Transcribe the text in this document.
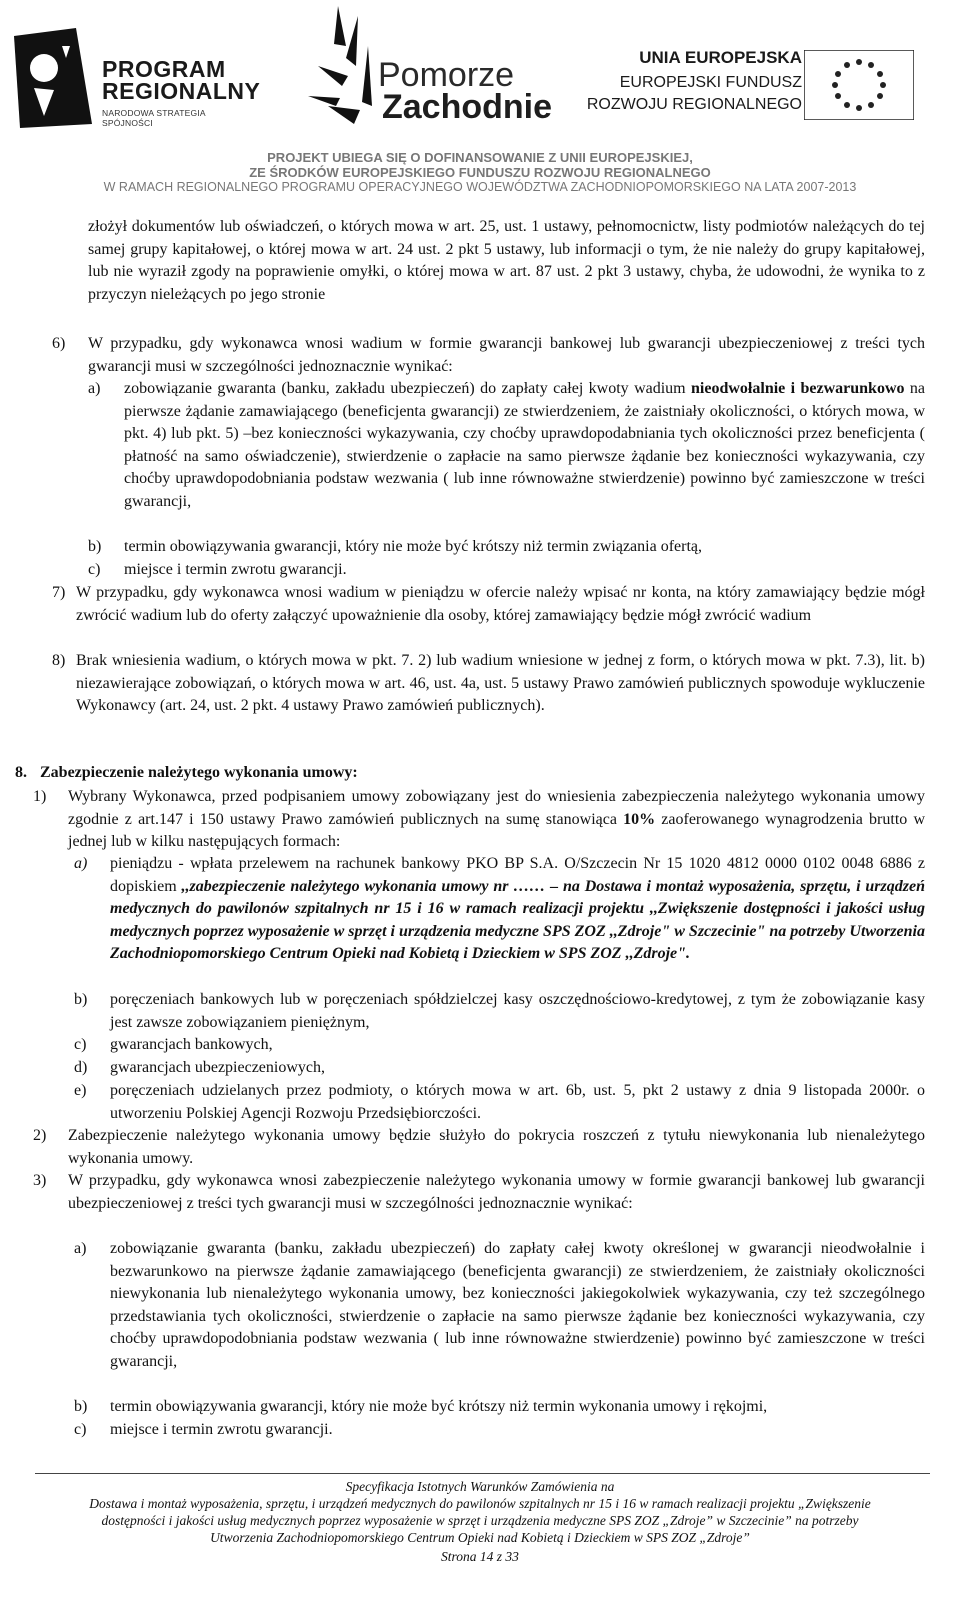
PROGRAM
REGIONALNY
NARODOWA STRATEGIA SPÓJNOŚCI
Pomorze
Zachodnie
UNIA EUROPEJSKA
EUROPEJSKI FUNDUSZ
ROZWOJU REGIONALNEGO
PROJEKT UBIEGA SIĘ O DOFINANSOWANIE Z UNII EUROPEJSKIEJ,
ZE ŚRODKÓW EUROPEJSKIEGO FUNDUSZU ROZWOJU REGIONALNEGO
W RAMACH REGIONALNEGO PROGRAMU OPERACYJNEGO WOJEWÓDZTWA ZACHODNIOPOMORSKIEGO NA LATA 2007-2013
złożył dokumentów lub oświadczeń, o których mowa w art. 25, ust. 1 ustawy, pełnomocnictw, listy podmiotów należących do tej samej grupy kapitałowej, o której mowa w art. 24 ust. 2 pkt 5 ustawy, lub informacji o tym, że nie należy do grupy kapitałowej, lub nie wyraził zgody na poprawienie omyłki, o której mowa w art. 87 ust. 2 pkt 3 ustawy, chyba, że udowodni, że wynika to z przyczyn nieleżących po jego stronie
6) W przypadku, gdy wykonawca wnosi wadium w formie gwarancji bankowej lub gwarancji ubezpieczeniowej z treści tych gwarancji musi w szczególności jednoznacznie wynikać:
a) zobowiązanie gwaranta (banku, zakładu ubezpieczeń) do zapłaty całej kwoty wadium nieodwołalnie i bezwarunkowo na pierwsze żądanie zamawiającego (beneficjenta gwarancji) ze stwierdzeniem, że zaistniały okoliczności, o których mowa, w pkt. 4) lub pkt. 5) –bez konieczności wykazywania, czy choćby uprawdopodabniania tych okoliczności przez beneficjenta ( płatność na samo oświadczenie), stwierdzenie o zapłacie na samo pierwsze żądanie bez konieczności wykazywania, czy choćby uprawdopodobniania podstaw wezwania ( lub inne równoważne stwierdzenie) powinno być zamieszczone w treści gwarancji,
b) termin obowiązywania gwarancji, który nie może być krótszy niż termin związania ofertą,
c) miejsce i termin zwrotu gwarancji.
7) W przypadku, gdy wykonawca wnosi wadium w pieniądzu w ofercie należy wpisać nr konta, na który zamawiający będzie mógł zwrócić wadium lub do oferty załączyć upoważnienie dla osoby, której zamawiający będzie mógł zwrócić wadium
8) Brak wniesienia wadium, o których mowa w pkt. 7. 2) lub wadium wniesione w jednej z form, o których mowa w pkt. 7.3), lit. b) niezawierające zobowiązań, o których mowa w art. 46, ust. 4a, ust. 5 ustawy Prawo zamówień publicznych spowoduje wykluczenie Wykonawcy (art. 24, ust. 2 pkt. 4 ustawy Prawo zamówień publicznych).
8. Zabezpieczenie należytego wykonania umowy:
1) Wybrany Wykonawca, przed podpisaniem umowy zobowiązany jest do wniesienia zabezpieczenia należytego wykonania umowy zgodnie z art.147 i 150 ustawy Prawo zamówień publicznych na sumę stanowiąca 10% zaoferowanego wynagrodzenia brutto w jednej lub w kilku następujących formach:
a) pieniądzu - wpłata przelewem na rachunek bankowy PKO BP S.A. O/Szczecin Nr 15 1020 4812 0000 0102 0048 6886 z dopiskiem ,,zabezpieczenie należytego wykonania umowy nr …… – na Dostawa i montaż wyposażenia, sprzętu, i urządzeń medycznych do pawilonów szpitalnych nr 15 i 16 w ramach realizacji projektu ,,Zwiększenie dostępności i jakości usług medycznych poprzez wyposażenie w sprzęt i urządzenia medyczne SPS ZOZ ,,Zdroje" w Szczecinie" na potrzeby Utworzenia Zachodniopomorskiego Centrum Opieki nad Kobietą i Dzieckiem w SPS ZOZ ,,Zdroje".
b) poręczeniach bankowych lub w poręczeniach spółdzielczej kasy oszczędnościowo-kredytowej, z tym że zobowiązanie kasy jest zawsze zobowiązaniem pieniężnym,
c) gwarancjach bankowych,
d) gwarancjach ubezpieczeniowych,
e) poręczeniach udzielanych przez podmioty, o których mowa w art. 6b, ust. 5, pkt 2 ustawy z dnia 9 listopada 2000r. o utworzeniu Polskiej Agencji Rozwoju Przedsiębiorczości.
2) Zabezpieczenie należytego wykonania umowy będzie służyło do pokrycia roszczeń z tytułu niewykonania lub nienależytego wykonania umowy.
3) W przypadku, gdy wykonawca wnosi zabezpieczenie należytego wykonania umowy w formie gwarancji bankowej lub gwarancji ubezpieczeniowej z treści tych gwarancji musi w szczególności jednoznacznie wynikać:
a) zobowiązanie gwaranta (banku, zakładu ubezpieczeń) do zapłaty całej kwoty określonej w gwarancji nieodwołalnie i bezwarunkowo na pierwsze żądanie zamawiającego (beneficjenta gwarancji) ze stwierdzeniem, że zaistniały okoliczności niewykonania lub nienależytego wykonania umowy, bez konieczności jakiegokolwiek wykazywania, czy też szczególnego przedstawiania tych okoliczności, stwierdzenie o zapłacie na samo pierwsze żądanie bez konieczności wykazywania, czy choćby uprawdopodobniania podstaw wezwania ( lub inne równoważne stwierdzenie) powinno być zamieszczone w treści gwarancji,
b) termin obowiązywania gwarancji, który nie może być krótszy niż termin wykonania umowy i rękojmi,
c) miejsce i termin zwrotu gwarancji.
Specyfikacja Istotnych Warunków Zamówienia na
Dostawa i montaż wyposażenia, sprzętu, i urządzeń medycznych do pawilonów szpitalnych nr 15 i 16 w ramach realizacji projektu „Zwiększenie
dostępności i jakości usług medycznych poprzez wyposażenie w sprzęt i urządzenia medyczne SPS ZOZ „Zdroje” w Szczecinie” na potrzeby
Utworzenia Zachodniopomorskiego Centrum Opieki nad Kobietą i Dzieckiem w SPS ZOZ „Zdroje”
Strona 14 z 33
